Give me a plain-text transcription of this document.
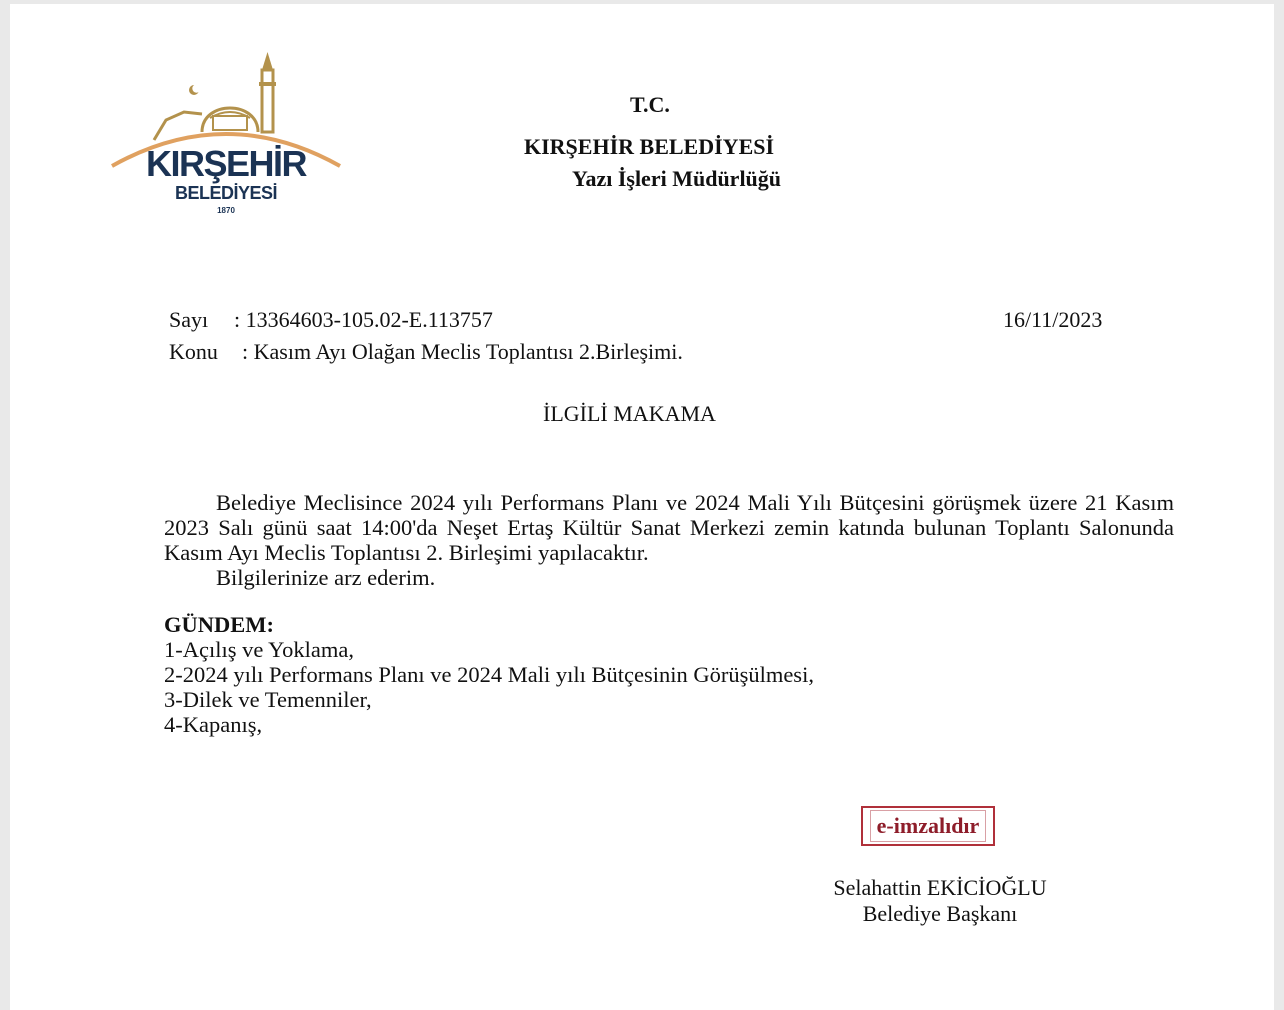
KIRŞEHİR
BELEDİYESİ
1870
T.C.
KIRŞEHİR BELEDİYESİ
Yazı İşleri Müdürlüğü
Sayı : 13364603-105.02-E.113757	16/11/2023
Konu : Kasım Ayı Olağan Meclis Toplantısı 2.Birleşimi.
İLGİLİ MAKAMA

Belediye Meclisince 2024 yılı Performans Planı ve 2024 Mali Yılı Bütçesini görüşmek üzere 21 Kasım 2023 Salı günü saat 14:00'da Neşet Ertaş Kültür Sanat Merkezi zemin katında bulunan Toplantı Salonunda Kasım Ayı Meclis Toplantısı 2. Birleşimi yapılacaktır.

Bilgilerinize arz ederim.

GÜNDEM:

1-Açılış ve Yoklama,

2-2024 yılı Performans Planı ve 2024 Mali yılı Bütçesinin Görüşülmesi,

3-Dilek ve Temenniler,

4-Kapanış,

e-imzalıdır
Selahattin EKİCİOĞLU
Belediye Başkanı
